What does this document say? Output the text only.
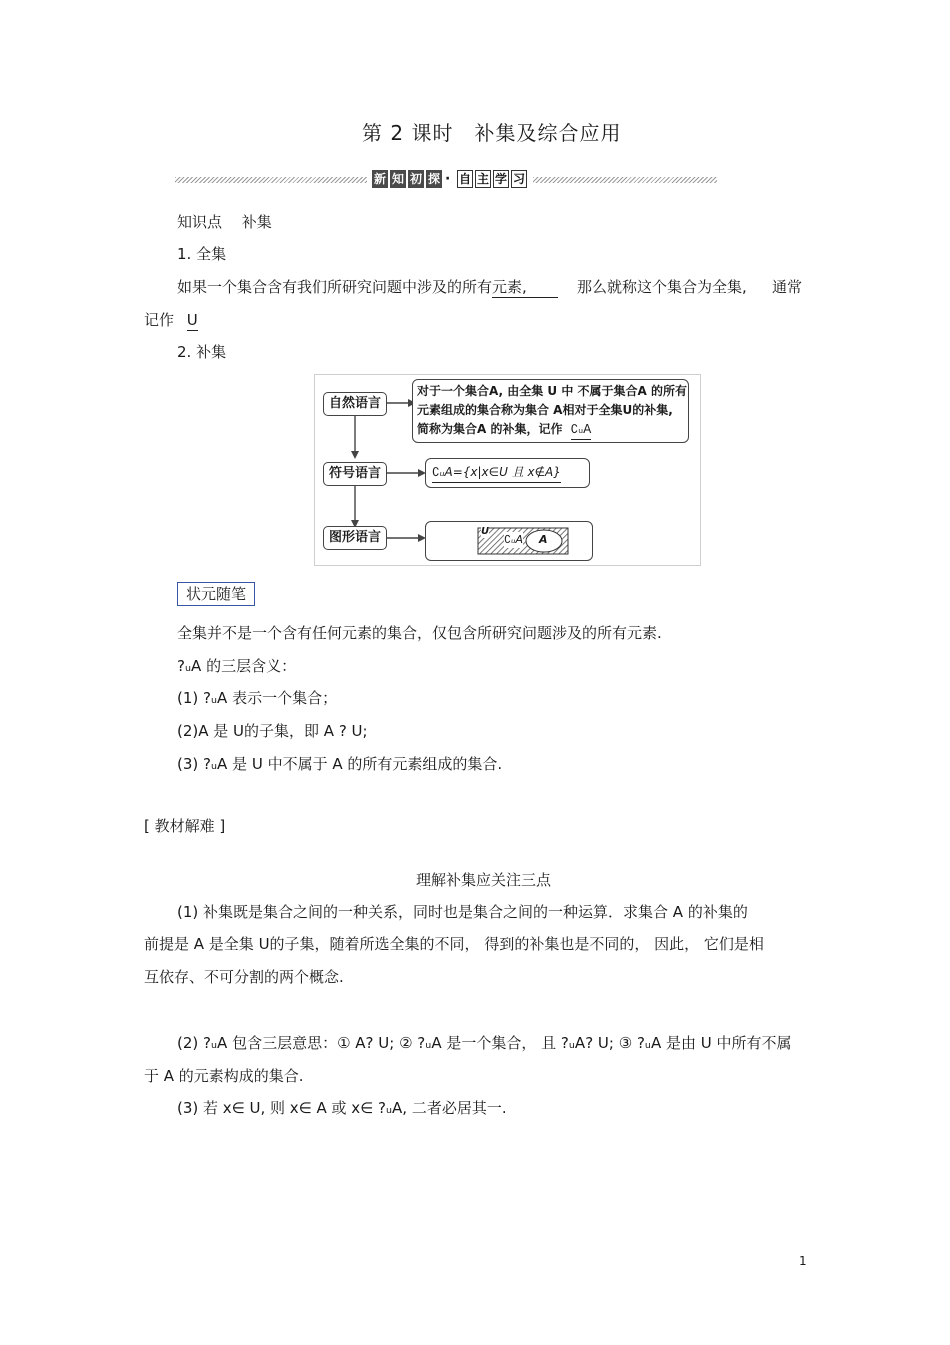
第 2 课时　补集及综合应用
新 知 初 探 · 自 主 学 习
知识点　 补集
1. 全集
如果一个集合含有我们所研究问题中涉及的所有元素,	那么就称这个集合为全集, 通常
记作 U
2. 补集
自然语言
符号语言
图形语言
对于一个集合A, 由全集 U 中 不属于集合A 的所有
元素组成的集合称为集合 A相对于全集U的补集,
简称为集合A 的补集，记作 ∁ᵤA
∁ᵤA={x|x∈U 且 x∉A}
U
∁ᵤA A
状元随笔
全集并不是一个含有任何元素的集合，仅包含所研究问题涉及的所有元素.
?ᵤA 的三层含义：
(1) ?ᵤA 表示一个集合；
(2)A 是 U的子集，即 A ? U;
(3) ?ᵤA 是 U 中不属于 A 的所有元素组成的集合.
[ 教材解难 ]
理解补集应关注三点
(1) 补集既是集合之间的一种关系，同时也是集合之间的一种运算．求集合 A 的补集的
前提是 A 是全集 U的子集，随着所选全集的不同， 得到的补集也是不同的， 因此， 它们是相
互依存、不可分割的两个概念.
(2) ?ᵤA 包含三层意思：① A? U; ② ?ᵤA 是一个集合， 且 ?ᵤA? U; ③ ?ᵤA 是由 U 中所有不属
于 A 的元素构成的集合.
(3) 若 x∈ U, 则 x∈ A 或 x∈ ?ᵤA, 二者必居其一.
1
